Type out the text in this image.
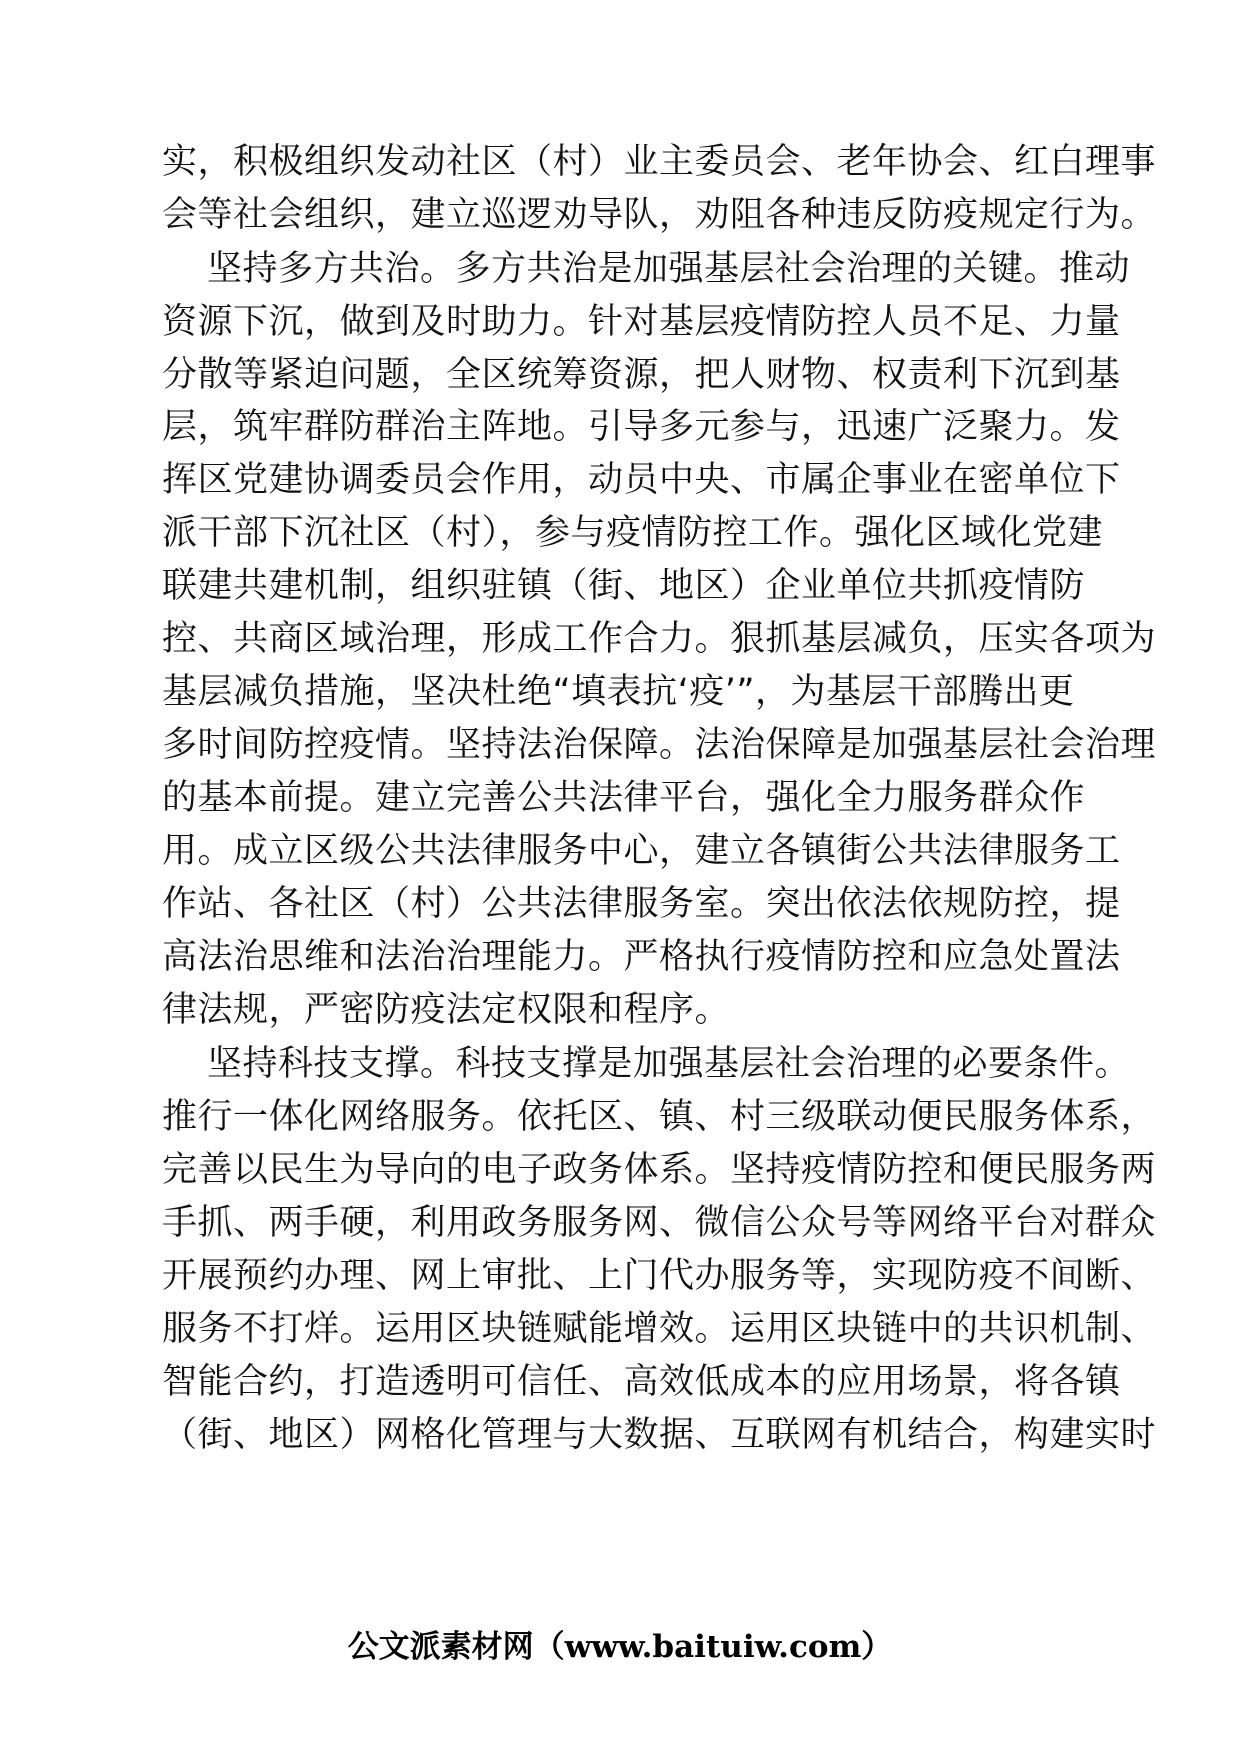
实，积极组织发动社区（村）业主委员会、老年协会、红白理事
会等社会组织，建立巡逻劝导队，劝阻各种违反防疫规定行为。
坚持多方共治。多方共治是加强基层社会治理的关键。推动
资源下沉，做到及时助力。针对基层疫情防控人员不足、力量
分散等紧迫问题，全区统筹资源，把人财物、权责利下沉到基
层，筑牢群防群治主阵地。引导多元参与，迅速广泛聚力。发
挥区党建协调委员会作用，动员中央、市属企事业在密单位下
派干部下沉社区（村），参与疫情防控工作。强化区域化党建
联建共建机制，组织驻镇（街、地区）企业单位共抓疫情防
控、共商区域治理，形成工作合力。狠抓基层减负，压实各项为
基层减负措施，坚决杜绝“填表抗‘疫’”，为基层干部腾出更
多时间防控疫情。坚持法治保障。法治保障是加强基层社会治理
的基本前提。建立完善公共法律平台，强化全力服务群众作
用。成立区级公共法律服务中心，建立各镇街公共法律服务工
作站、各社区（村）公共法律服务室。突出依法依规防控，提
高法治思维和法治治理能力。严格执行疫情防控和应急处置法
律法规，严密防疫法定权限和程序。
坚持科技支撑。科技支撑是加强基层社会治理的必要条件。
推行一体化网络服务。依托区、镇、村三级联动便民服务体系，
完善以民生为导向的电子政务体系。坚持疫情防控和便民服务两
手抓、两手硬，利用政务服务网、微信公众号等网络平台对群众
开展预约办理、网上审批、上门代办服务等，实现防疫不间断、
服务不打烊。运用区块链赋能增效。运用区块链中的共识机制、
智能合约，打造透明可信任、高效低成本的应用场景，将各镇
（街、地区）网格化管理与大数据、互联网有机结合，构建实时
公文派素材网（www.baituiw.com）
